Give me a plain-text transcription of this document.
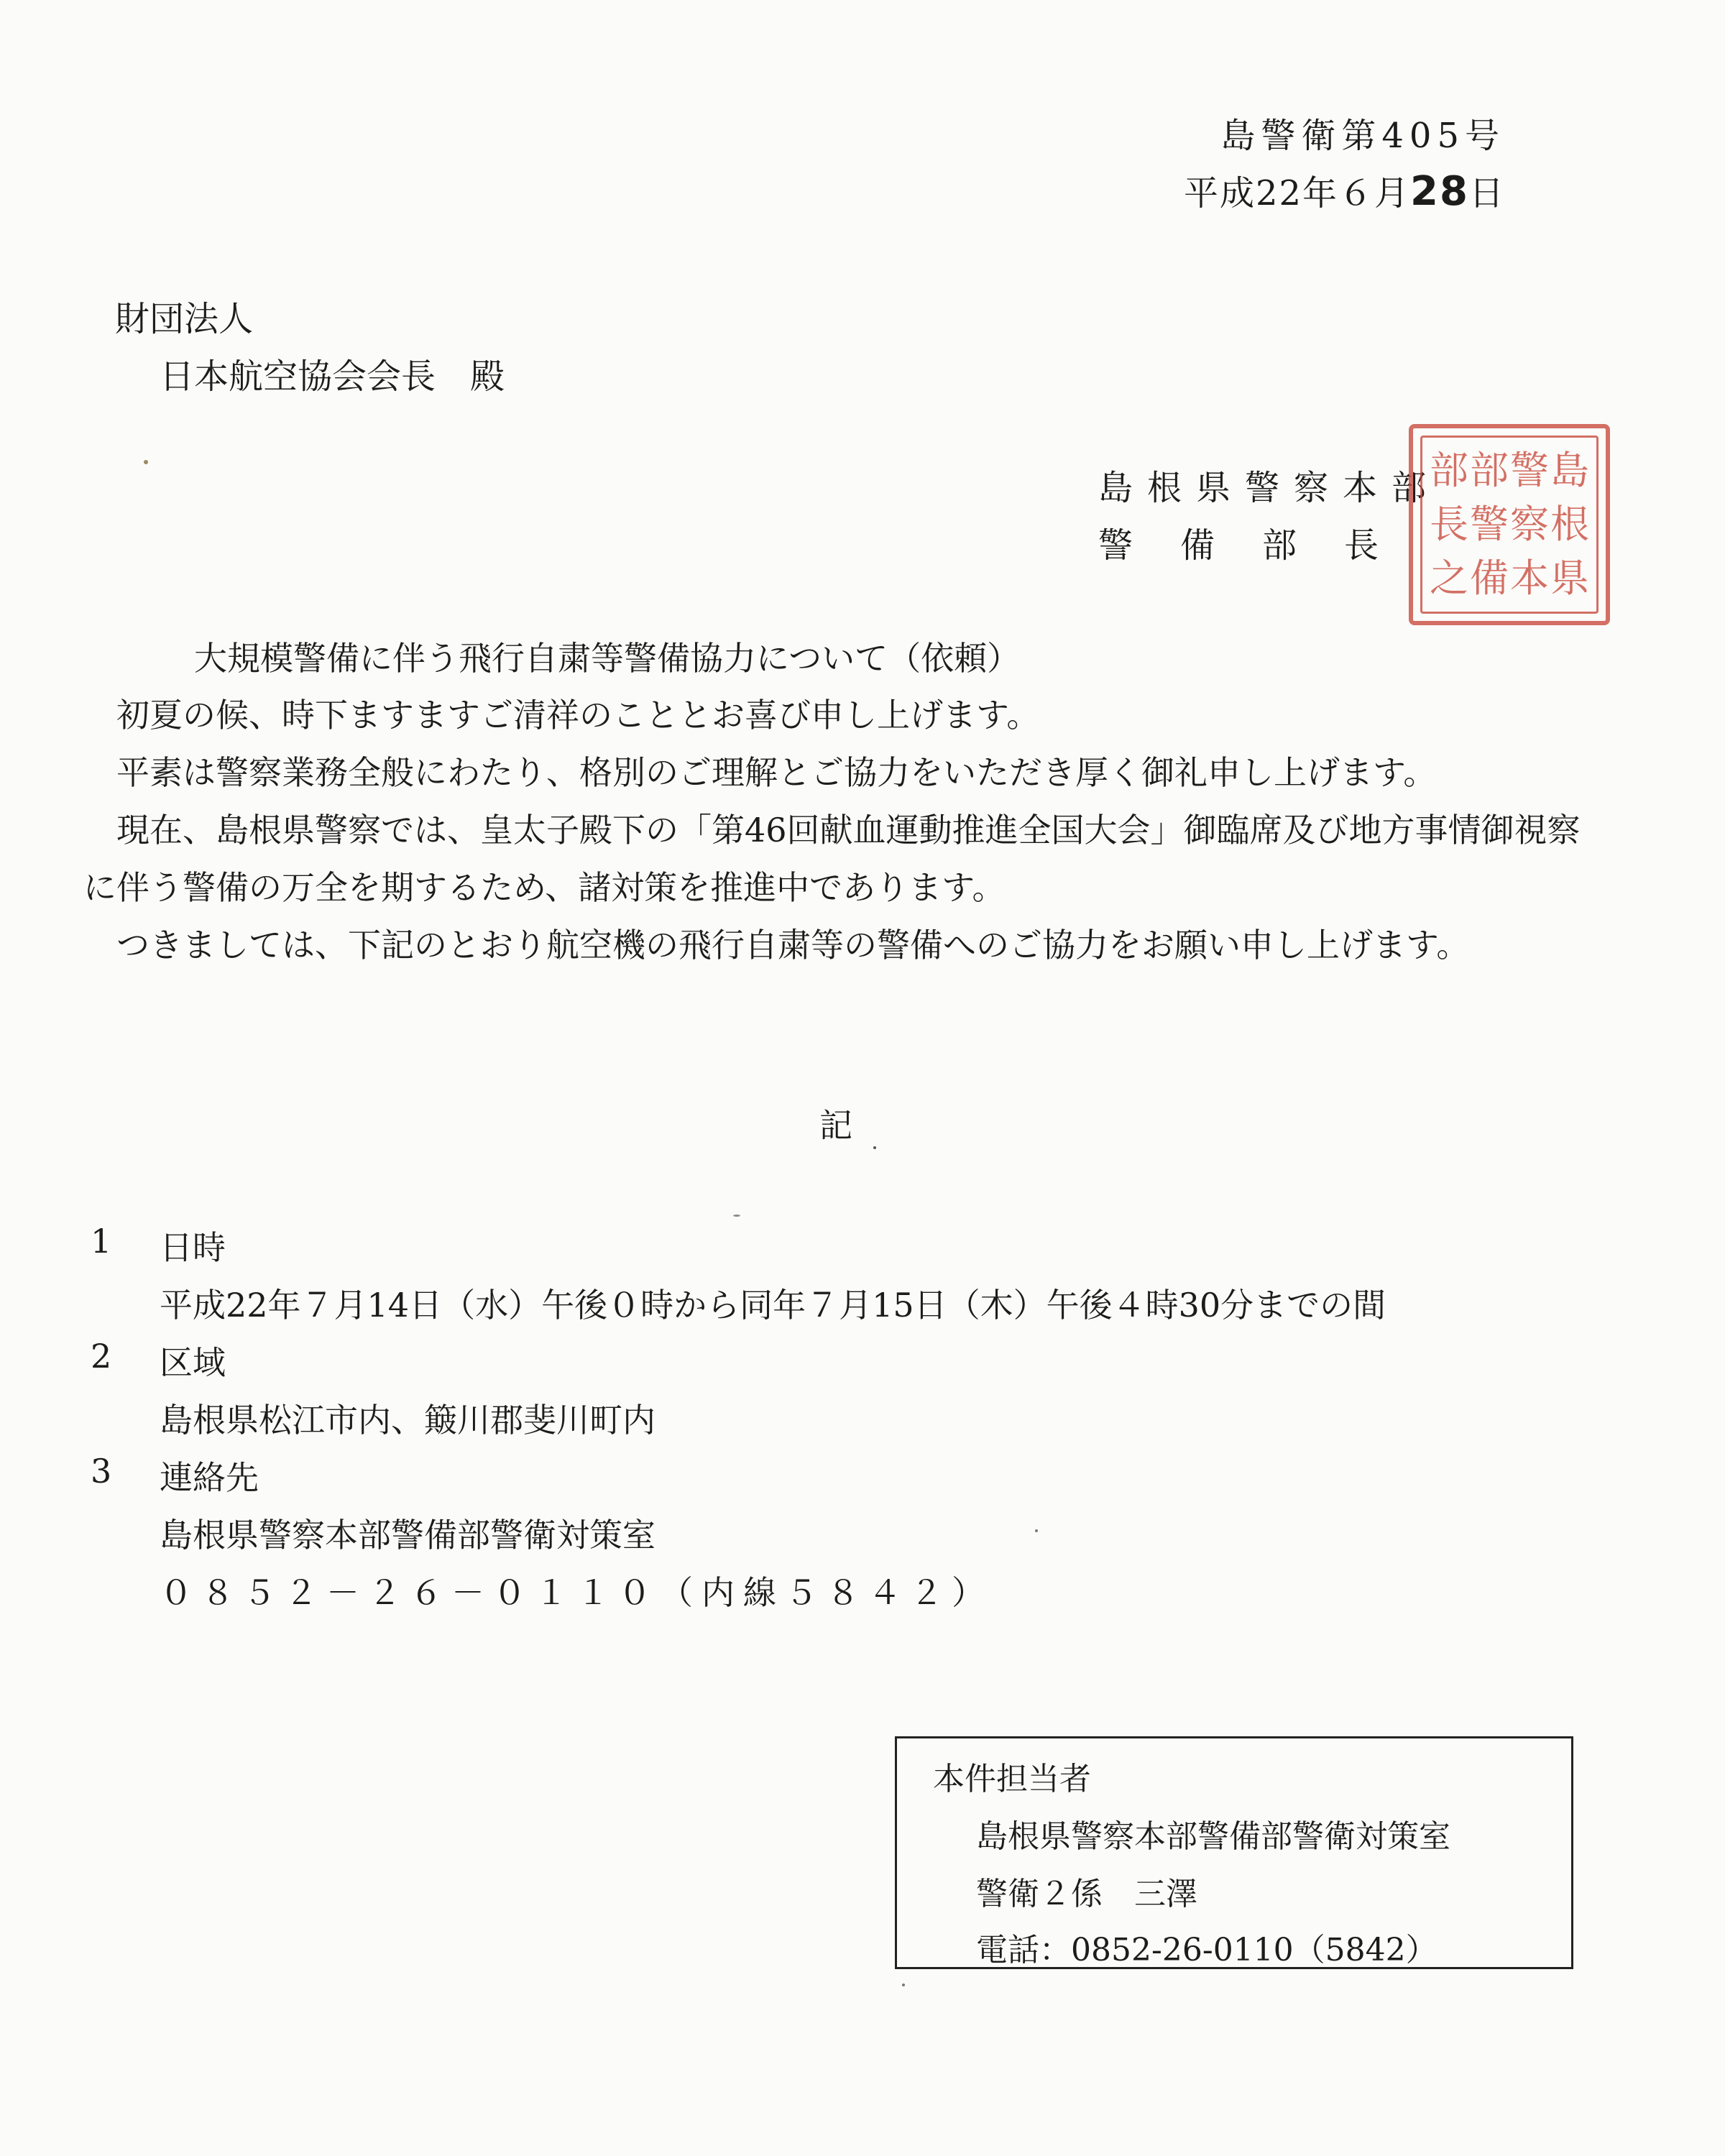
島警衛第405号
平成22年６月28日
財団法人
日本航空協会会長　殿
島根県警察本部
警備部長
部 部 警 島
長 警 察 根
之 備 本 県
大規模警備に伴う飛行自粛等警備協力について（依頼）
初夏の候、時下ますますご清祥のこととお喜び申し上げます。
平素は警察業務全般にわたり、格別のご理解とご協力をいただき厚く御礼申し上げます。
現在、島根県警察では、皇太子殿下の「第46回献血運動推進全国大会」御臨席及び地方事情御視察に伴う警備の万全を期するため、諸対策を推進中であります。
つきましては、下記のとおり航空機の飛行自粛等の警備へのご協力をお願い申し上げます。
記
1 日時
平成22年７月14日（水）午後０時から同年７月15日（木）午後４時30分までの間
2 区域
島根県松江市内、簸川郡斐川町内
3 連絡先
島根県警察本部警備部警衛対策室
０８５２－２６－０１１０（内線５８４２）
本件担当者
島根県警察本部警備部警衛対策室
警衛２係　三澤
電話：0852-26-0110（5842）
